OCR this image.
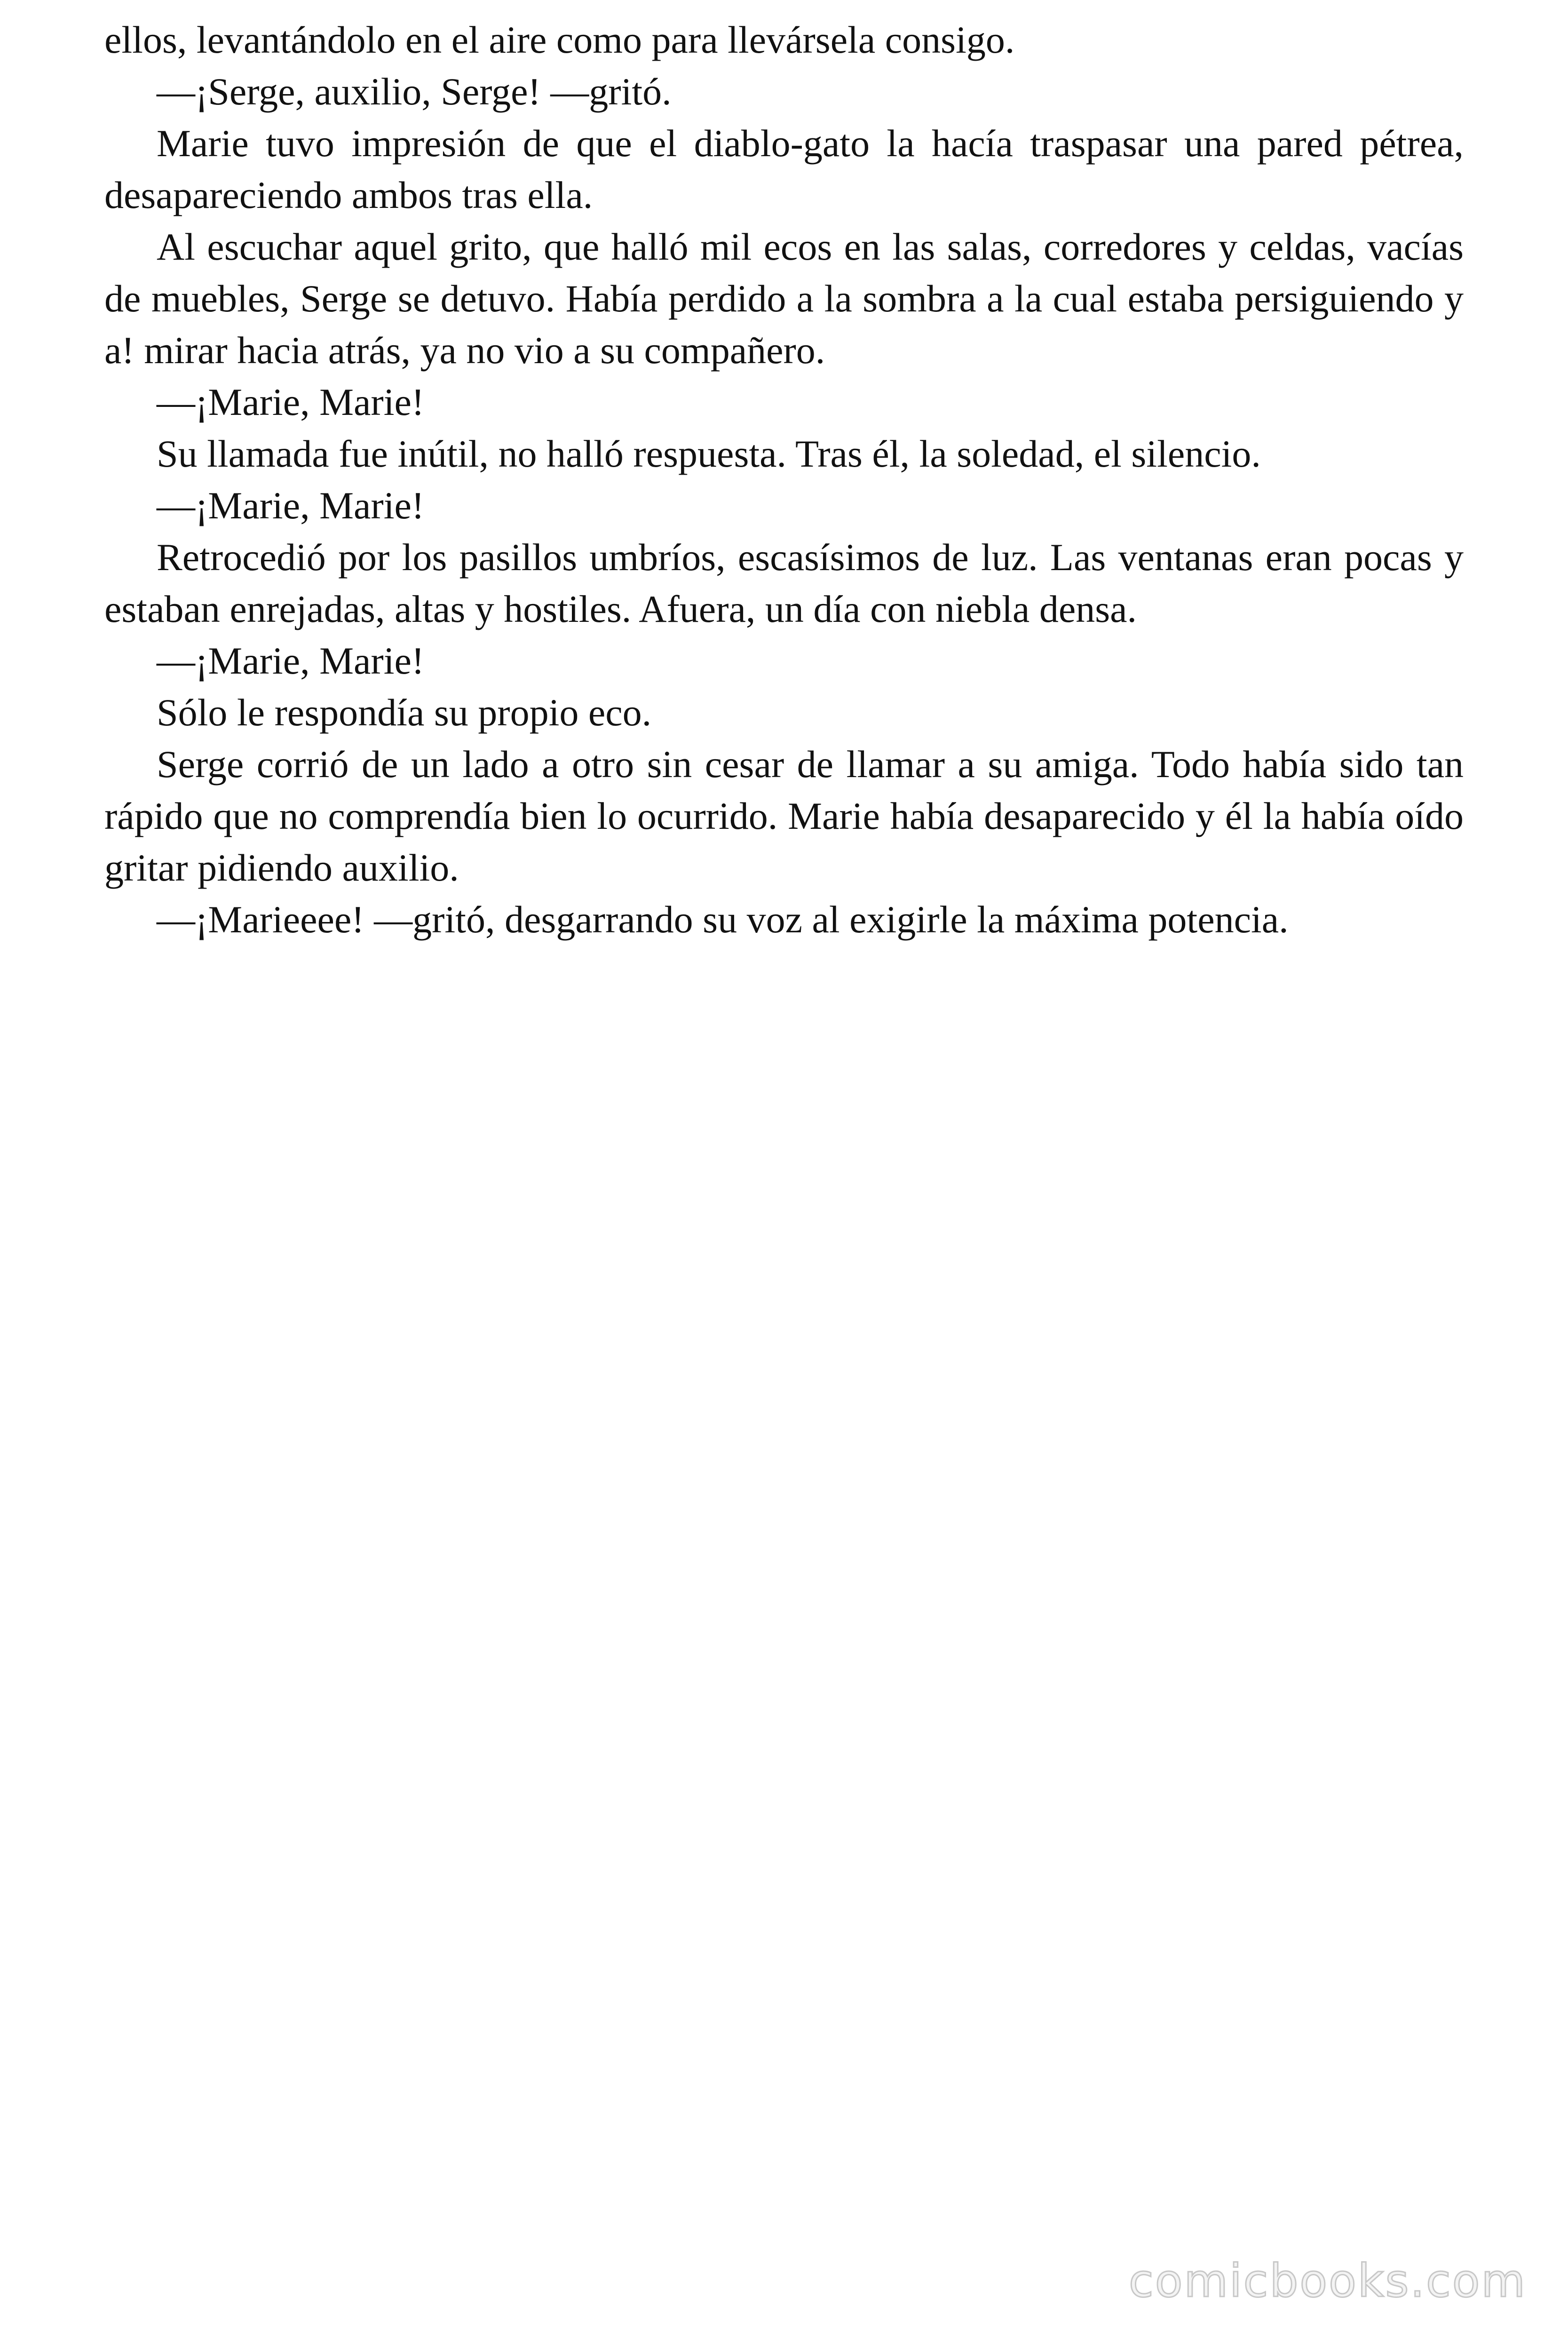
ellos, levantándolo en el aire como para llevársela consigo.

—¡Serge, auxilio, Serge! —gritó.

Marie tuvo impresión de que el diablo-gato la hacía traspasar una pared pétrea, desapareciendo ambos tras ella.

Al escuchar aquel grito, que halló mil ecos en las salas, corredores y celdas, vacías de muebles, Serge se detuvo. Había perdido a la sombra a la cual estaba persiguiendo y a! mirar hacia atrás, ya no vio a su compañero.

—¡Marie, Marie!

Su llamada fue inútil, no halló respuesta. Tras él, la soledad, el silencio.

—¡Marie, Marie!

Retrocedió por los pasillos umbríos, escasísimos de luz. Las ventanas eran pocas y estaban enrejadas, altas y hostiles. Afuera, un día con niebla densa.

—¡Marie, Marie!

Sólo le respondía su propio eco.

Serge corrió de un lado a otro sin cesar de llamar a su amiga. Todo había sido tan rápido que no comprendía bien lo ocurrido. Marie había desaparecido y él la había oído gritar pidiendo auxilio.

—¡Marieeee! —gritó, desgarrando su voz al exigirle la máxima potencia.

comicbooks.com
